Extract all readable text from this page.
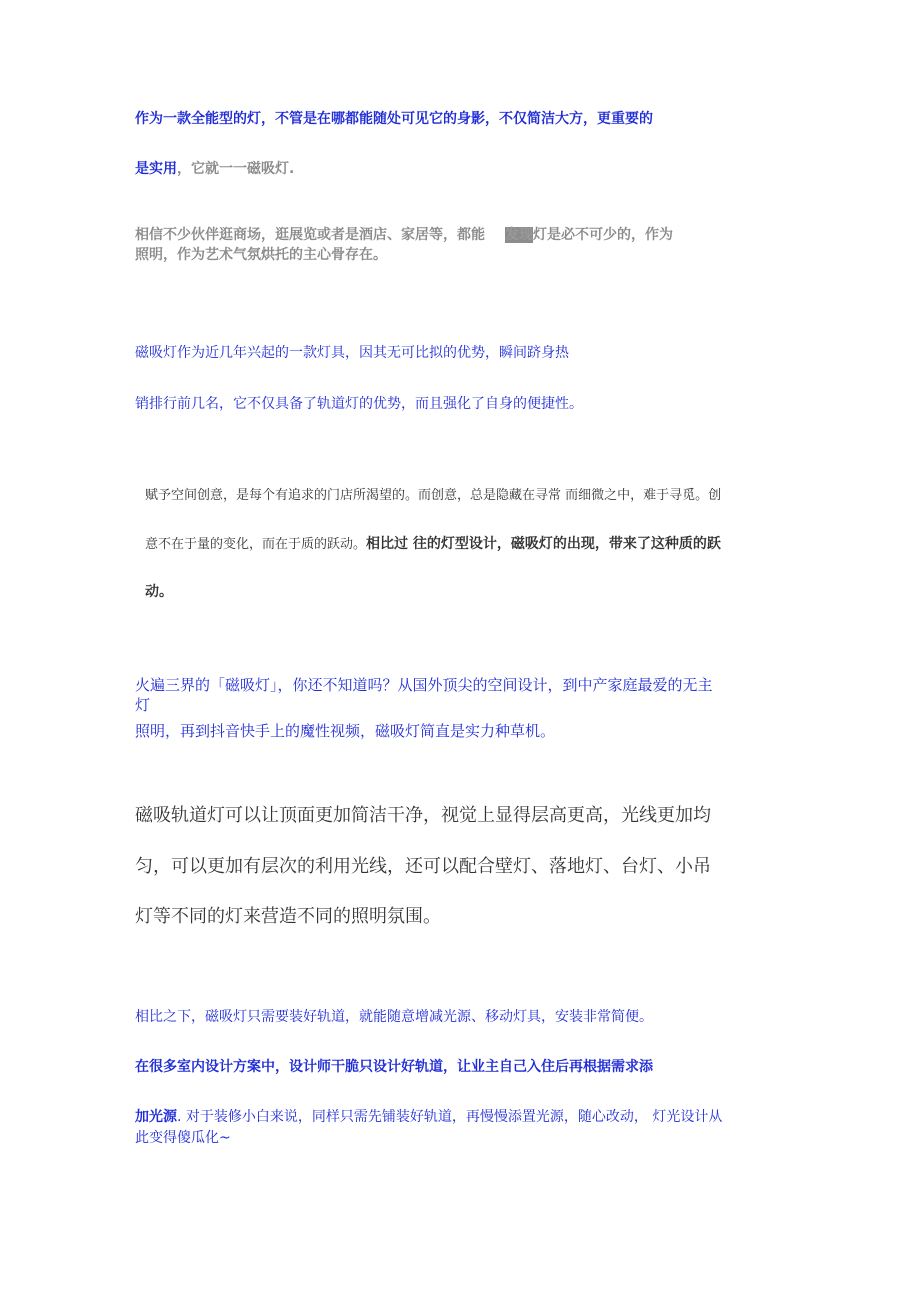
作为一款全能型的灯，不管是在哪都能随处可见它的身影，不仅简洁大方，更重要的
是实用，它就一一磁吸灯.
相信不少伙伴逛商场，逛展览或者是酒店、家居等，都能 发现灯是必不可少的，作为
照明，作为艺术气氛烘托的主心骨存在。
磁吸灯作为近几年兴起的一款灯具，因其无可比拟的优势，瞬间跻身热
销排行前几名，它不仅具备了轨道灯的优势，而且强化了自身的便捷性。
赋予空间创意，是每个有追求的门店所渴望的。而创意，总是隐藏在寻常 而细微之中，难于寻觅。创
意不在于量的变化，而在于质的跃动。相比过 往的灯型设计，磁吸灯的出现，带来了这种质的跃
动。
火遍三界的「磁吸灯」，你还不知道吗？从国外顶尖的空间设计，到中产家庭最爱的无主
灯
照明，再到抖音快手上的魔性视频，磁吸灯简直是实力种草机。
磁吸轨道灯可以让顶面更加简洁干净，视觉上显得层高更高，光线更加均
匀，可以更加有层次的利用光线，还可以配合壁灯、落地灯、台灯、小吊
灯等不同的灯来营造不同的照明氛围。
相比之下，磁吸灯只需要装好轨道，就能随意增减光源、移动灯具，安装非常简便。
在很多室内设计方案中，设计师干脆只设计好轨道，让业主自己入住后再根据需求添
加光源. 对于装修小白来说，同样只需先铺装好轨道，再慢慢添置光源，随心改动， 灯光设计从
此变得傻瓜化~
